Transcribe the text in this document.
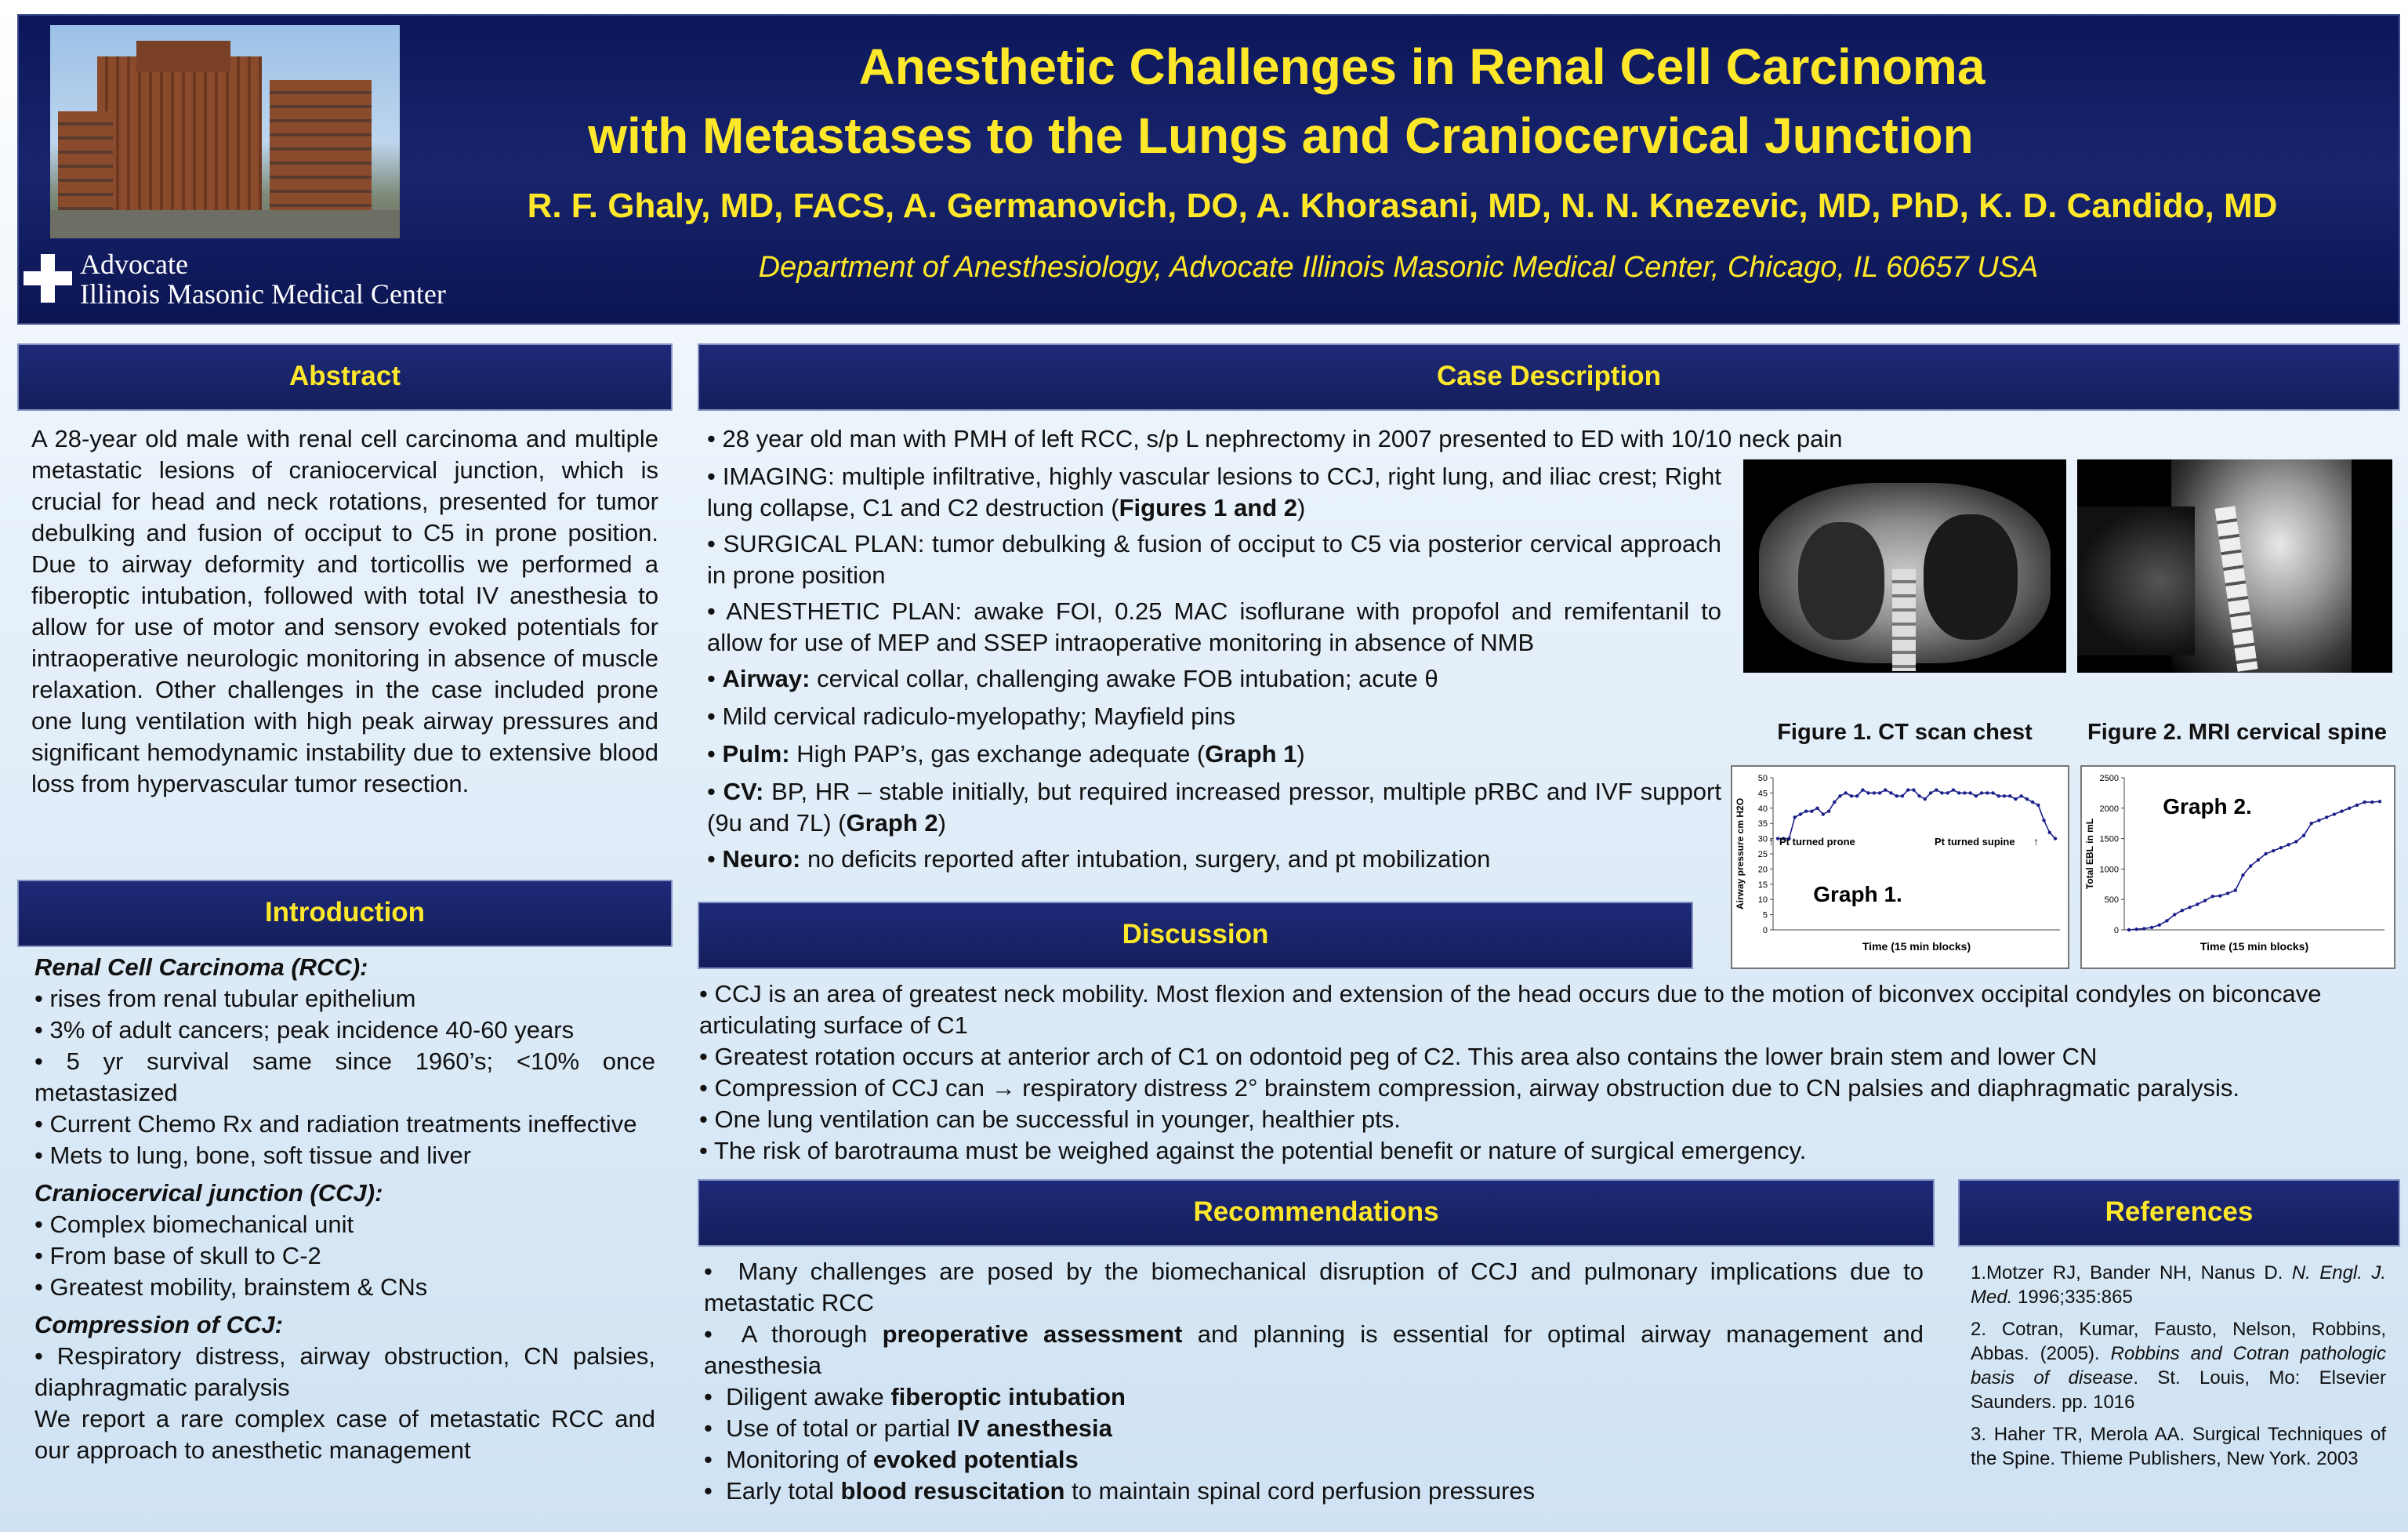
Advocate
Illinois Masonic Medical Center
Anesthetic Challenges in Renal Cell Carcinoma
with Metastases to the Lungs and Craniocervical Junction
R. F. Ghaly, MD, FACS, A. Germanovich, DO, A. Khorasani, MD, N. N. Knezevic, MD, PhD, K. D. Candido, MD
Department of Anesthesiology, Advocate Illinois Masonic Medical Center, Chicago, IL 60657 USA
Abstract
A 28-year old male with renal cell carcinoma and multiple metastatic lesions of craniocervical junction, which is crucial for head and neck rotations, presented for tumor debulking and fusion of occiput to C5 in prone position. Due to airway deformity and torticollis we performed a fiberoptic intubation, followed with total IV anesthesia to allow for use of motor and sensory evoked potentials for intraoperative neurologic monitoring in absence of muscle relaxation. Other challenges in the case included prone one lung ventilation with high peak airway pressures and significant hemodynamic instability due to extensive blood loss from hypervascular tumor resection.
Introduction
Renal Cell Carcinoma (RCC):
• rises from renal tubular epithelium
• 3% of adult cancers; peak incidence 40-60 years
• 5 yr survival same since 1960’s; <10% once metastasized
• Current Chemo Rx and radiation treatments ineffective
• Mets to lung, bone, soft tissue and liver
Craniocervical junction (CCJ):
• Complex biomechanical unit
• From base of skull to C-2
• Greatest mobility, brainstem & CNs
Compression of CCJ:
• Respiratory distress, airway obstruction, CN palsies, diaphragmatic paralysis
We report a rare complex case of metastatic RCC and our approach to anesthetic management
Case Description
• 28 year old man with PMH of left RCC, s/p L nephrectomy in 2007 presented to ED with 10/10 neck pain
• IMAGING: multiple infiltrative, highly vascular lesions to CCJ, right lung, and iliac crest; Right lung collapse, C1 and C2 destruction (Figures 1 and 2)
• SURGICAL PLAN: tumor debulking & fusion of occiput to C5 via posterior cervical approach in prone position
• ANESTHETIC PLAN: awake FOI, 0.25 MAC isoflurane with propofol and remifentanil to allow for use of MEP and SSEP intraoperative monitoring in absence of NMB
• Airway: cervical collar, challenging awake FOB intubation; acute θ
• Mild cervical radiculo-myelopathy; Mayfield pins
• Pulm: High PAP’s, gas exchange adequate (Graph 1)
• CV: BP, HR – stable initially, but required increased pressor, multiple pRBC and IVF support (9u and 7L) (Graph 2)
• Neuro: no deficits reported after intubation, surgery, and pt mobilization
Figure 1. CT scan chest	Figure 2. MRI cervical spine
0
5
10
15
20
25
30
35
40
45
50
Time (15 min blocks)
Airway pressure cm H2O	Graph 1.
Pt turned prone	Pt turned supine ↑
↑
0
500
1000
1500
2000
2500
Time (15 min blocks)
Total EBL in mL
Graph 2.
Discussion
• CCJ is an area of greatest neck mobility. Most flexion and extension of the head occurs due to the motion of biconvex occipital condyles on biconcave articulating surface of C1
• Greatest rotation occurs at anterior arch of C1 on odontoid peg of C2. This area also contains the lower brain stem and lower CN
• Compression of CCJ can → respiratory distress 2° brainstem compression, airway obstruction due to CN palsies and diaphragmatic paralysis.
• One lung ventilation can be successful in younger, healthier pts.
• The risk of barotrauma must be weighed against the potential benefit or nature of surgical emergency.
Recommendations
•  Many challenges are posed by the biomechanical disruption of CCJ and pulmonary implications due to metastatic RCC
•  A thorough preoperative assessment and planning is essential for optimal airway management and anesthesia
•  Diligent awake fiberoptic intubation
•  Use of total or partial IV anesthesia
•  Monitoring of evoked potentials
•  Early total blood resuscitation to maintain spinal cord perfusion pressures
References
1.Motzer RJ, Bander NH, Nanus D. N. Engl. J. Med. 1996;335:865
2. Cotran, Kumar, Fausto, Nelson, Robbins, Abbas. (2005). Robbins and Cotran pathologic basis of disease. St. Louis, Mo: Elsevier Saunders. pp. 1016
3. Haher TR, Merola AA. Surgical Techniques of the Spine. Thieme Publishers, New York. 2003
